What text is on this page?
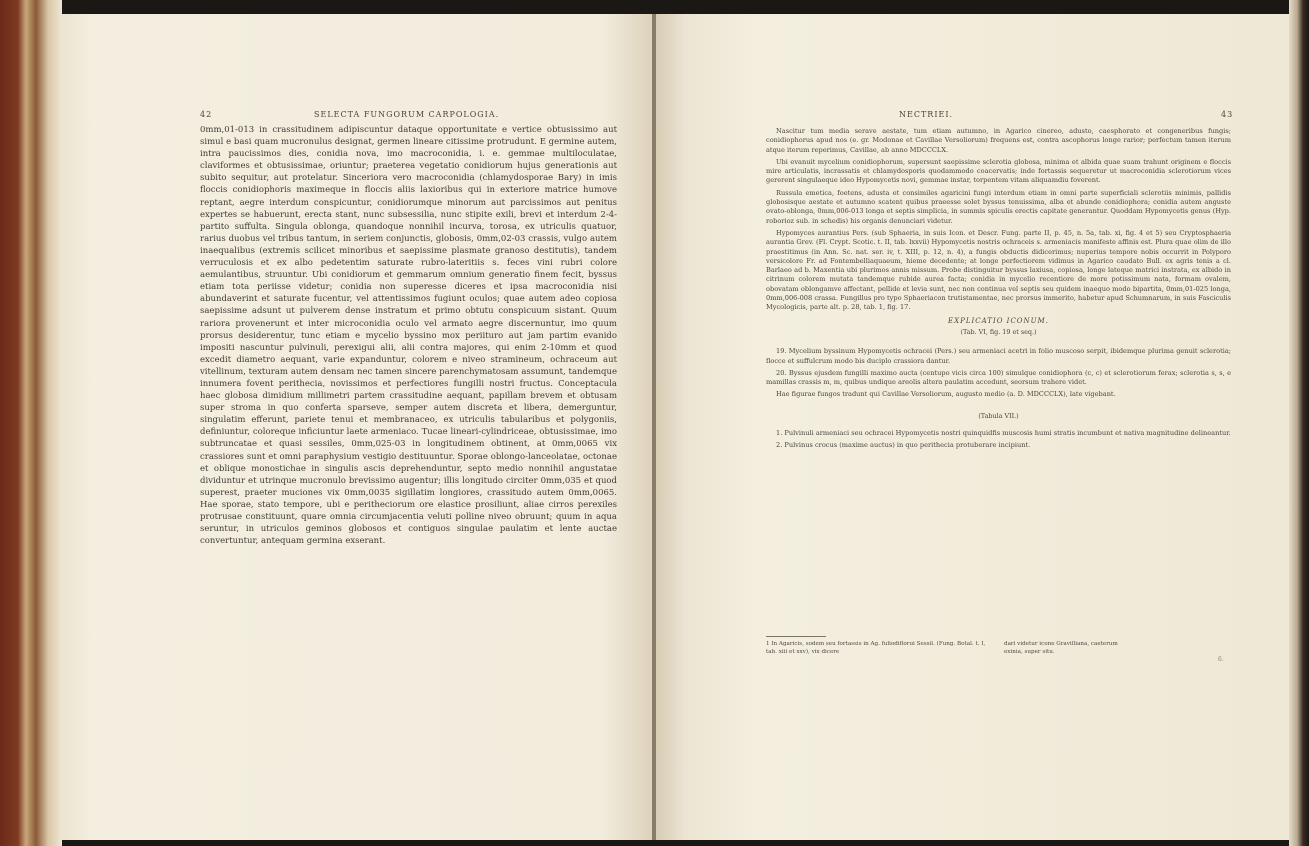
42	SELECTA FUNGORUM CARPOLOGIA.

0mm,01-013 in crassitudinem adipiscuntur dataque opportunitate e vertice obtusissimo aut simul e basi quam mucronulus designat, germen lineare citissime protrudunt. E germine autem, intra paucissimos dies, conidia nova, imo macroconidia, i. e. gemmae multiloculatae, claviformes et obtusissimae, oriuntur; praeterea vegetatio conidiorum hujus generationis aut subito sequitur, aut protelatur. Sinceriora vero macroconidia (chlamydosporae Bary) in imis floccis conidiophoris maximeque in floccis aliis laxioribus qui in exteriore matrice humove reptant, aegre interdum conspicuntur, conidiorumque minorum aut parcissimos aut penitus expertes se habuerunt, erecta stant, nunc subsessilia, nunc stipite exili, brevi et interdum 2-4-partito suffulta. Singula oblonga, quandoque nonnihil incurva, torosa, ex utriculis quatuor, rarius duobus vel tribus tantum, in seriem conjunctis, globosis, 0mm,02-03 crassis, vulgo autem inaequalibus (extremis scilicet minoribus et saepissime plasmate granoso destitutis), tandem verruculosis et ex albo pedetentim saturate rubro-lateritiis s. feces vini rubri colore aemulantibus, struuntur. Ubi conidiorum et gemmarum omnium generatio finem fecit, byssus etiam tota periisse videtur; conidia non superesse diceres et ipsa macroconidia nisi abundaverint et saturate fucentur, vel attentissimos fugiunt oculos; quae autem adeo copiosa saepissime adsunt ut pulverem dense instratum et primo obtutu conspicuum sistant. Quum rariora provenerunt et inter microconidia oculo vel armato aegre discernuntur, imo quum prorsus desiderentur, tunc etiam e mycelio byssino mox periituro aut jam partim evanido impositi nascuntur pulvinuli, perexigui alii, alii contra majores, qui enim 2-10mm et quod excedit diametro aequant, varie expanduntur, colorem e niveo stramineum, ochraceum aut vitellinum, texturam autem densam nec tamen sincere parenchymatosam assumunt, tandemque innumera fovent perithecia, novissimos et perfectiores fungilli nostri fructus. Conceptacula haec globosa dimidium millimetri partem crassitudine aequant, papillam brevem et obtusam super stroma in quo conferta sparseve, semper autem discreta et libera, demerguntur, singulatim efferunt, pariete tenui et membranaceo, ex utriculis tabularibus et polygoniis, definiuntur, coloreque inficiuntur laete armeniaco. Tucae lineari-cylindriceae, obtusissimae, imo subtruncatae et quasi sessiles, 0mm,025-03 in longitudinem obtinent, at 0mm,0065 vix crassiores sunt et omni paraphysium vestigio destituuntur. Sporae oblongo-lanceolatae, octonae et oblique monostichae in singulis ascis deprehenduntur, septo medio nonnihil angustatae dividuntur et utrinque mucronulo brevissimo augentur; illis longitudo circiter 0mm,035 et quod superest, praeter muciones vix 0mm,0035 sigillatim longiores, crassitudo autem 0mm,0065. Hae sporae, stato tempore, ubi e peritheciorum ore elastice prosiliunt, aliae cirros perexiles protrusae constituunt, quare omnia circumjacentia veluti polline niveo obruunt; quum in aqua seruntur, in utriculos geminos globosos et contiguos singulae paulatim et lente auctae convertuntur, antequam germina exserant.

NECTRIEI.	43

Nascitur tum media serave aestate, tum etiam autumno, in Agarico cinereo, adusto, caesphorato et congeneribus fungis; conidiophorus apud nos (e. gr. Modonae et Cavillae Versoliorum) frequens est, contra ascophorus longe rarior; perfectum tamen iterum atque iterum reperimus, Cavillae, ab anno MDCCCLX.

Ubi evanuit mycelium conidiophorum, supersunt saepissime sclerotia globosa, minima et albida quae suam trahunt originem e floccis mire articulatis, incrassatis et chlamydosporis quodammodo coacervatis; inde fortassis sequeretur ut macroconidia sclerotiorum vices gererent singulaeque ideo Hypomycetis novi, gemmae instar, torpentem vitam aliquamdiu foverent.

Russula emetica, foetens, adusta et consimiles agaricini fungi interdum etiam in omni parte superficiali sclerotiis minimis, pallidis globosisque aestate et autumno scatent quibus praeesse solet byssus tenuissima, alba et abunde conidiophora; conidia autem anguste ovato-oblonga, 0mm,006-013 longa et septis simplicia, in summis spiculis erectis capitate generantur. Quoddam Hypomycetis genus (Hyp. roborioz sub. in schedis) his organis denunciari videtur.

Hypomyces aurantius Pers. (sub Sphaeria, in suis Icon. et Descr. Fung. parte II, p. 45, n. 5a, tab. xi, fig. 4 et 5) seu Cryptosphaeria aurantia Grev. (Fl. Crypt. Scotic. t. II, tab. lxxvii) Hypomycetis nostris ochraceis s. armeniacis manifeste affinis est. Plura quae olim de illo praestitimus (in Ann. Sc. nat. ser. iv, t. XIII, p. 12, n. 4), a fungis obductis didicerimus; nuperius tempore nobis occurrit in Polyporo versicolore Fr. ad Fontembelliaquaeum, hieme decedente; at longe perfectiorem vidimus in Agarico caudato Bull. ex agris tenis a cl. Barlaeo ad b. Maxentia ubi plurimos annis missum. Probe distinguitur byssus laxiusa, copiosa, longe lateque matrici instrata, ex albido in citrinum colorem mutata tandemque rubide aurea facta; conidia in mycelio recentiore de more potissimum nata, formam ovalem, obovatam oblongamve affectant, pellide et levia sunt, nec non continua vel septis seu quidem inaequo modo bipartita, 0mm,01-025 longa, 0mm,006-008 crassa. Fungillus pro typo Sphaeriacon trutistamentae, nec prorsus immerito, habetur apud Schumnarum, in suis Fasciculis Mycologicis, parte alt. p. 28, tab. 1, fig. 17.

EXPLICATIO ICONUM.
(Tab. VI, fig. 19 et seq.)

19. Mycelium byssinum Hypomycetis ochracei (Pers.) seu armeniaci acetri in folio muscoso serpit, ibidemque plurima genuit sclerotia; flocce et suffulcrum modo bis duciplo crassiora dantur.

20. Byssus ejusdem fungilli maximo aucta (centupo vicis circa 100) simulque conidiophora (c, c) et sclerotiorum ferax; sclerotia s, s, e mamillas crassis m, m, quibus undique areolis altera paulatim accedunt, seorsum trahere videt.

Hae figurae fungos tradunt qui Cavillae Versoliorum, augusto medio (a. D. MDCCCLX), late vigebant.

(Tabula VII.)

1. Pulvinuli armeniaci seu ochracei Hypomycetis nostri quinquidfis muscosis humi stratis incumbunt et nativa magnitudine delineantur.

2. Pulvinus crocus (maxime auctus) in quo perithecia protuberare incipiunt.

1 In Agaricis, sodem seu fortassis in Ag. fuliodiflorui Sessil. (Fung. Botal. t. I, tab. xiii et xxv), vix dicere
dari videtur icone Gravilliana, caeterum exinia, super situ.
6.
